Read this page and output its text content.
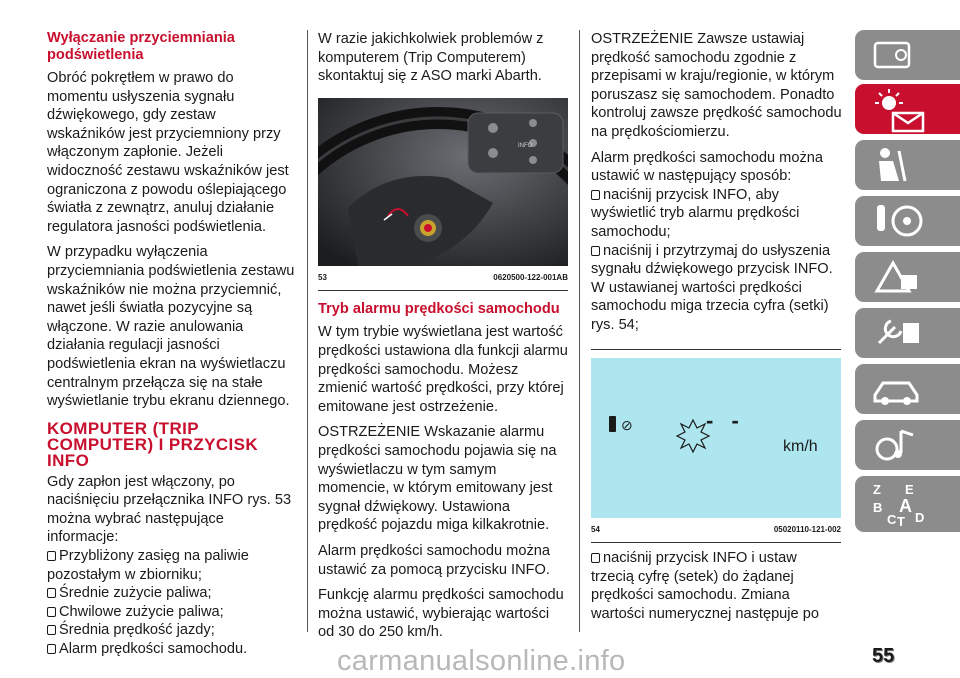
Wyłączanie przyciemniania podświetlenia

Obróć pokrętłem w prawo do momentu usłyszenia sygnału dźwiękowego, gdy zestaw wskaźników jest przyciemniony przy włączonym zapłonie. Jeżeli widoczność zestawu wskaźników jest ograniczona z powodu oślepiającego światła z zewnątrz, anuluj działanie regulatora jasności podświetlenia.

W przypadku wyłączenia przyciemniania podświetlenia zestawu wskaźników nie można przyciemnić, nawet jeśli światła pozycyjne są włączone. W razie anulowania działania regulacji jasności podświetlenia ekran na wyświetlaczu centralnym przełącza się na stałe wyświetlanie trybu ekranu dziennego.

KOMPUTER (TRIP COMPUTER) I PRZYCISK INFO

Gdy zapłon jest włączony, po naciśnięciu przełącznika INFO rys. 53 można wybrać następujące informacje:

Przybliżony zasięg na paliwie pozostałym w zbiorniku;
Średnie zużycie paliwa;
Chwilowe zużycie paliwa;
Średnia prędkość jazdy;
Alarm prędkości samochodu.

W razie jakichkolwiek problemów z komputerem (Trip Computerem) skontaktuj się z ASO marki Abarth.

INFO
53	0620500-122-001AB
Tryb alarmu prędkości samochodu

W tym trybie wyświetlana jest wartość prędkości ustawiona dla funkcji alarmu prędkości samochodu. Możesz zmienić wartość prędkości, przy której emitowane jest ostrzeżenie.

OSTRZEŻENIE Wskazanie alarmu prędkości samochodu pojawia się na wyświetlaczu w tym samym momencie, w którym emitowany jest sygnał dźwiękowy. Ustawiona prędkość pojazdu miga kilkakrotnie.

Alarm prędkości samochodu można ustawić za pomocą przycisku INFO.

Funkcję alarmu prędkości samochodu można ustawić, wybierając wartości od 30 do 250 km/h.

OSTRZEŻENIE Zawsze ustawiaj prędkość samochodu zgodnie z przepisami w kraju/regionie, w którym poruszasz się samochodem. Ponadto kontroluj zawsze prędkość samochodu na prędkościomierzu.

Alarm prędkości samochodu można ustawić w następujący sposób:

naciśnij przycisk INFO, aby wyświetlić tryb alarmu prędkości samochodu;
naciśnij i przytrzymaj do usłyszenia sygnału dźwiękowego przycisk INFO.

W ustawianej wartości prędkości samochodu miga trzecia cyfra (setki) rys. 54;

⊘	- -
km/h
54	05020110-121-002
naciśnij przycisk INFO i ustaw trzecią cyfrę (setek) do żądanej prędkości samochodu. Zmiana wartości numerycznej następuje po
Z E
B A
C T D
55
carmanualsonline.info
